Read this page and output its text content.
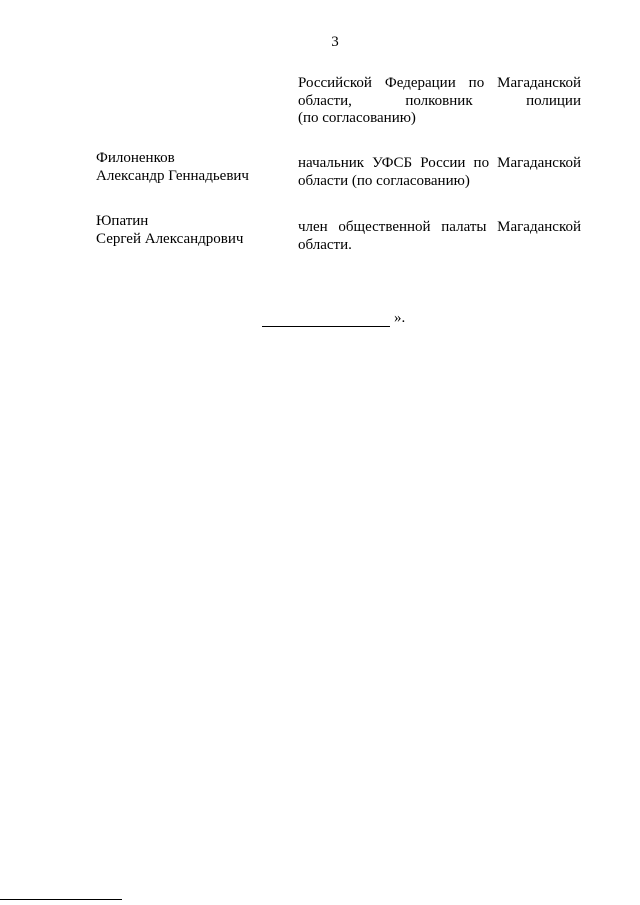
3
Российской Федерации по Магаданской
области, полковник полиции
(по согласованию)
Филоненков
Александр Геннадьевич
начальник УФСБ России по Магаданской
области (по согласованию)
Юпатин
Сергей Александрович
член общественной палаты Магаданской
области.
».
